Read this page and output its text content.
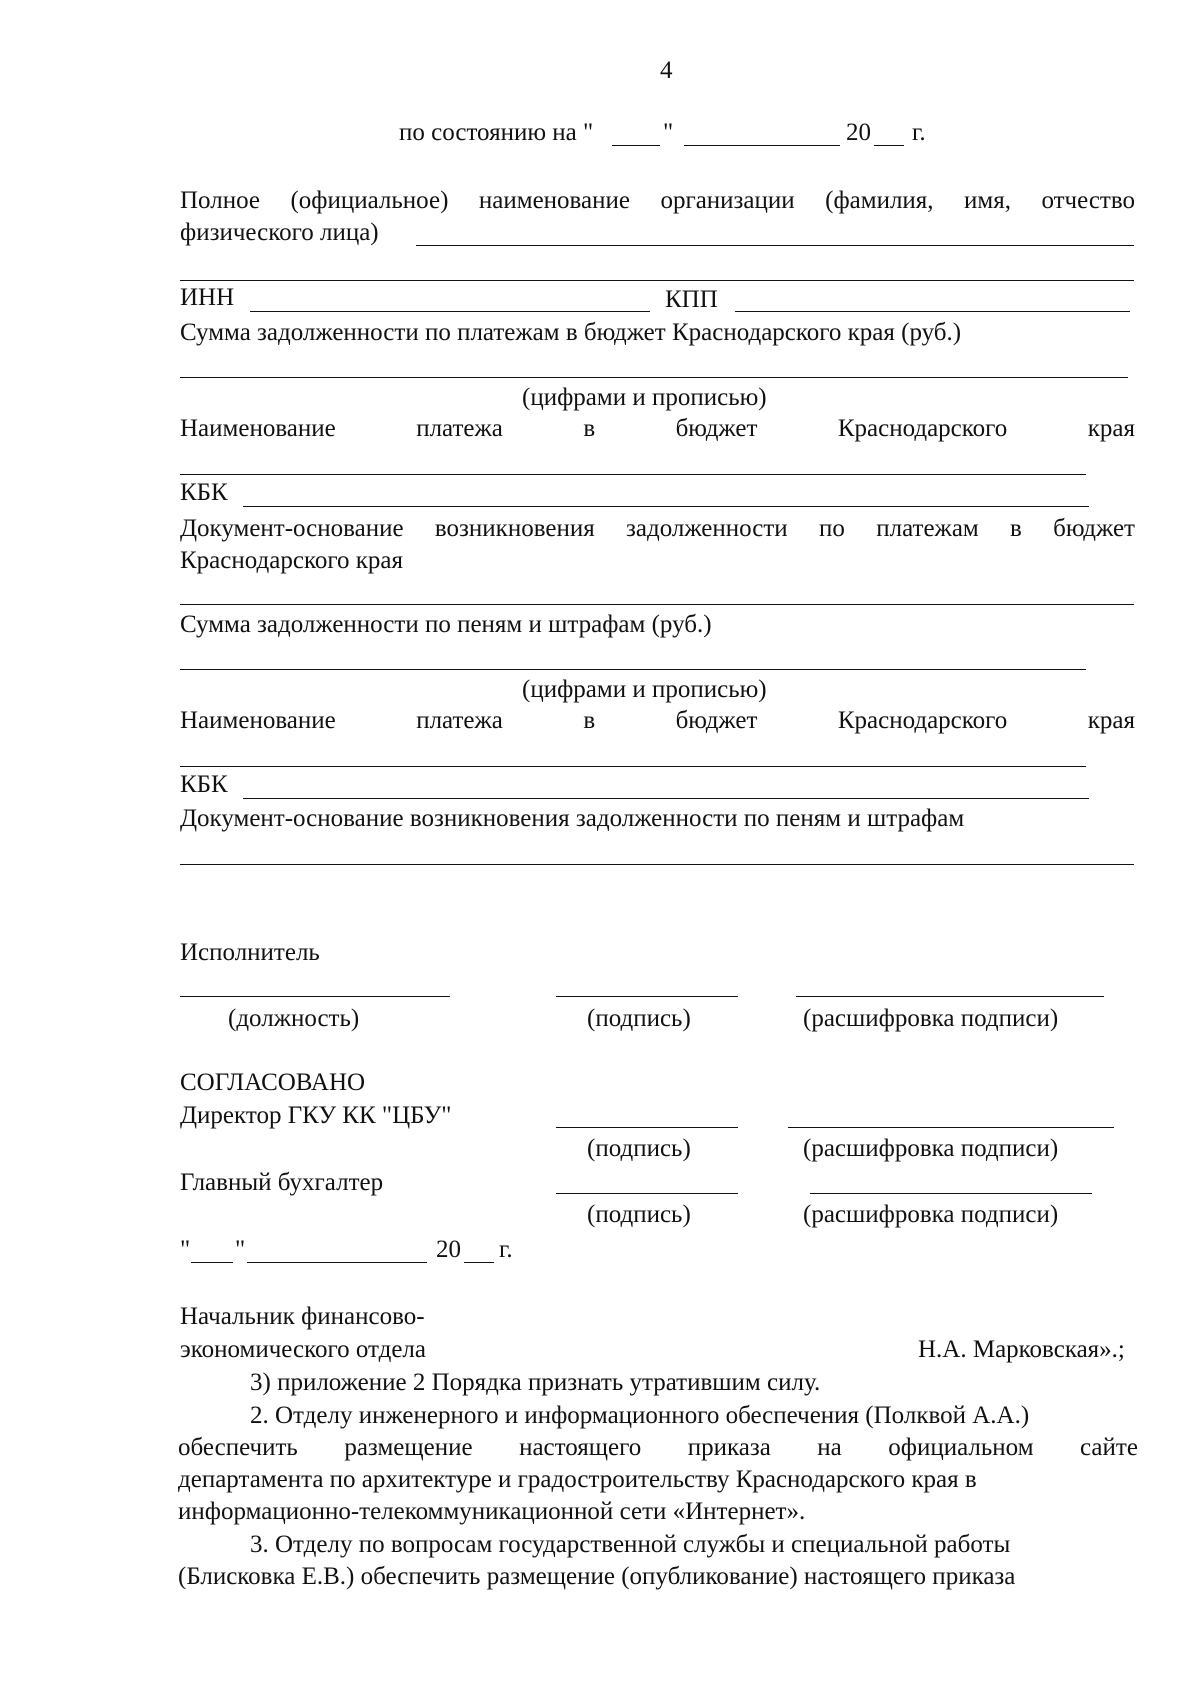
4
по состоянию на "	"	20 г.
Полное (официальное) наименование организации (фамилия, имя, отчество
физического лица)
ИНН	КПП
Сумма задолженности по платежам в бюджет Краснодарского края (руб.)
(цифрами и прописью)
Наименование	платежа	в	бюджет	Краснодарского	края
КБК
Документ-основание возникновения задолженности по платежам в бюджет
Краснодарского края
Сумма задолженности по пеням и штрафам (руб.)
(цифрами и прописью)
Наименование	платежа	в	бюджет	Краснодарского	края
КБК
Документ-основание возникновения задолженности по пеням и штрафам
Исполнитель
(должность)	(подпись)	(расшифровка подписи)
СОГЛАСОВАНО
Директор ГКУ КК "ЦБУ"
(подпись)	(расшифровка подписи)
Главный бухгалтер
(подпись)	(расшифровка подписи)
" "	20 г.
Начальник финансово-
экономического отдела	Н.А. Марковская».;
3) приложение 2 Порядка признать утратившим силу.
2. Отделу инженерного и информационного обеспечения (Полквой А.А.)
обеспечить размещение настоящего приказа на официальном сайте
департамента по архитектуре и градостроительству Краснодарского края в
информационно-телекоммуникационной сети «Интернет».
3. Отделу по вопросам государственной службы и специальной работы
(Блисковка Е.В.) обеспечить размещение (опубликование) настоящего приказа
